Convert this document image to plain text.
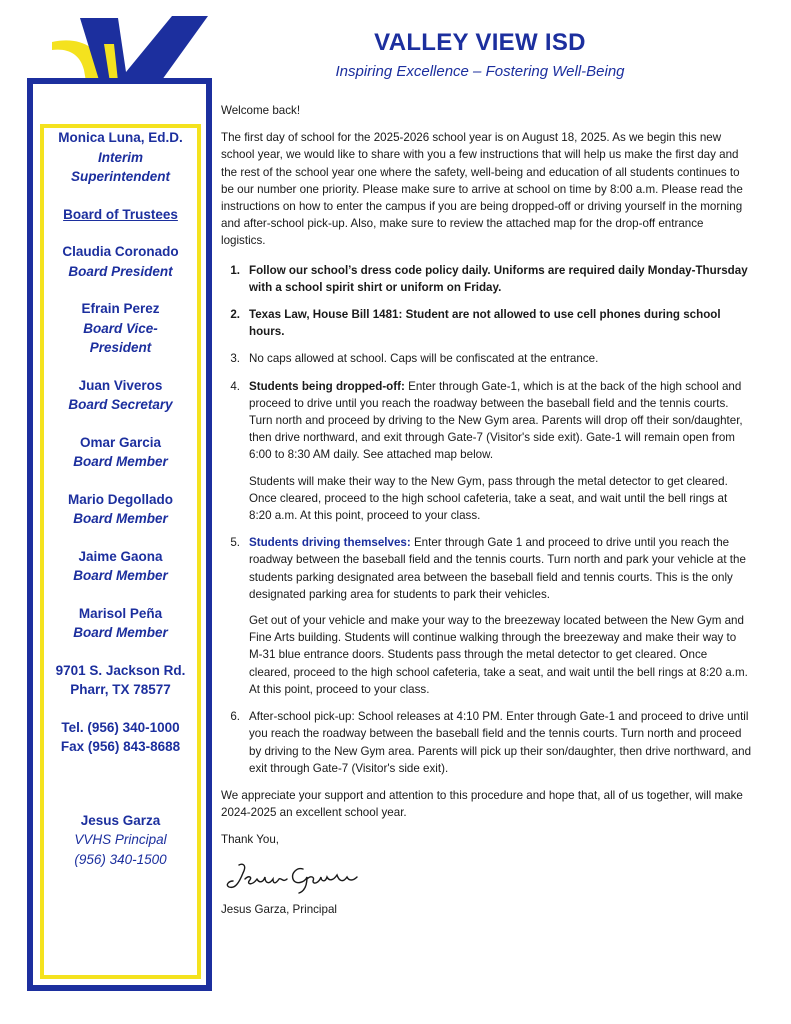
Monica Luna, Ed.D.
Interim
Superintendent
Board of Trustees
Claudia Coronado
Board President
Efrain Perez
Board Vice-
President
Juan Viveros
Board Secretary
Omar Garcia
Board Member
Mario Degollado
Board Member
Jaime Gaona
Board Member
Marisol Peña
Board Member
9701 S. Jackson Rd.
Pharr, TX 78577
Tel. (956) 340-1000
Fax (956) 843-8688
Jesus Garza
VVHS Principal
(956) 340-1500
VALLEY VIEW ISD
Inspiring Excellence – Fostering Well-Being

Welcome back!

The first day of school for the 2025-2026 school year is on August 18, 2025. As we begin this new school year, we would like to share with you a few instructions that will help us make the first day and the rest of the school year one where the safety, well-being and education of all students continues to be our number one priority. Please make sure to arrive at school on time by 8:00 a.m. Please read the instructions on how to enter the campus if you are being dropped-off or driving yourself in the morning and after-school pick-up. Also, make sure to review the attached map for the drop-off entrance logistics.

1. Follow our school’s dress code policy daily. Uniforms are required daily Monday-Thursday with a school spirit shirt or uniform on Friday.
2. Texas Law, House Bill 1481: Student are not allowed to use cell phones during school hours.
3. No caps allowed at school. Caps will be confiscated at the entrance.
4. Students being dropped-off: Enter through Gate-1, which is at the back of the high school and proceed to drive until you reach the roadway between the baseball field and the tennis courts. Turn north and proceed by driving to the New Gym area. Parents will drop off their son/daughter, then drive northward, and exit through Gate-7 (Visitor's side exit). Gate-1 will remain open from 6:00 to 8:30 AM daily. See attached map below.

Students will make their way to the New Gym, pass through the metal detector to get cleared. Once cleared, proceed to the high school cafeteria, take a seat, and wait until the bell rings at 8:20 a.m. At this point, proceed to your class.

5. Students driving themselves: Enter through Gate 1 and proceed to drive until you reach the roadway between the baseball field and the tennis courts. Turn north and park your vehicle at the students parking designated area between the baseball field and tennis courts. This is the only designated parking area for students to park their vehicles.

Get out of your vehicle and make your way to the breezeway located between the New Gym and Fine Arts building. Students will continue walking through the breezeway and make their way to M-31 blue entrance doors. Students pass through the metal detector to get cleared. Once cleared, proceed to the high school cafeteria, take a seat, and wait until the bell rings at 8:20 a.m. At this point, proceed to your class.

6. After-school pick-up: School releases at 4:10 PM. Enter through Gate-1 and proceed to drive until you reach the roadway between the baseball field and the tennis courts. Turn north and proceed by driving to the New Gym area. Parents will pick up their son/daughter, then drive northward, and exit through Gate-7 (Visitor's side exit).

We appreciate your support and attention to this procedure and hope that, all of us together, will make 2024-2025 an excellent school year.

Thank You,

Jesus Garza, Principal
